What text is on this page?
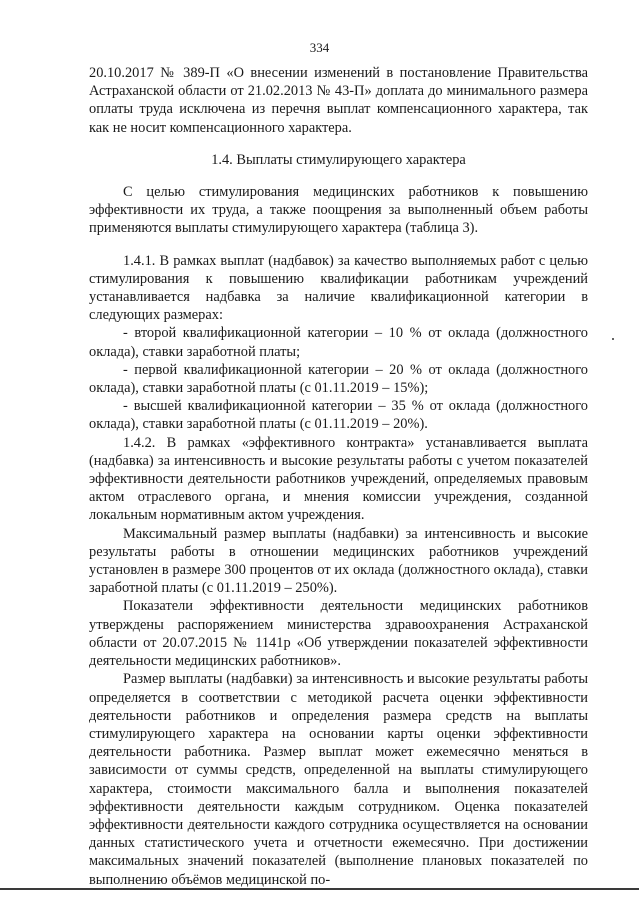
334

20.10.2017 № 389-П «О внесении изменений в постановление Правительства Астраханской области от 21.02.2013 № 43-П» доплата до минимального размера оплаты труда исключена из перечня выплат компенсационного характера, так как не носит компенсационного характера.

1.4. Выплаты стимулирующего характера

С целью стимулирования медицинских работников к повышению эффективности их труда, а также поощрения за выполненный объем работы применяются выплаты стимулирующего характера (таблица 3).

1.4.1. В рамках выплат (надбавок) за качество выполняемых работ с целью стимулирования к повышению квалификации работникам учреждений устанавливается надбавка за наличие квалификационной категории в следующих размерах:

- второй квалификационной категории – 10 % от оклада (должностного оклада), ставки заработной платы;

- первой квалификационной категории – 20 % от оклада (должностного оклада), ставки заработной платы (с 01.11.2019 – 15%);

- высшей квалификационной категории – 35 % от оклада (должностного оклада), ставки заработной платы (с 01.11.2019 – 20%).

1.4.2. В рамках «эффективного контракта» устанавливается выплата (надбавка) за интенсивность и высокие результаты работы с учетом показателей эффективности деятельности работников учреждений, определяемых правовым актом отраслевого органа, и мнения комиссии учреждения, созданной локальным нормативным актом учреждения.

Максимальный размер выплаты (надбавки) за интенсивность и высокие результаты работы в отношении медицинских работников учреждений установлен в размере 300 процентов от их оклада (должностного оклада), ставки заработной платы (с 01.11.2019 – 250%).

Показатели эффективности деятельности медицинских работников утверждены распоряжением министерства здравоохранения Астраханской области от 20.07.2015 № 1141р «Об утверждении показателей эффективности деятельности медицинских работников».

Размер выплаты (надбавки) за интенсивность и высокие результаты работы определяется в соответствии с методикой расчета оценки эффективности деятельности работников и определения размера средств на выплаты стимулирующего характера на основании карты оценки эффективности деятельности работника. Размер выплат может ежемесячно меняться в зависимости от суммы средств, определенной на выплаты стимулирующего характера, стоимости максимального балла и выполнения показателей эффективности деятельности каждым сотрудником. Оценка показателей эффективности деятельности каждого сотрудника осуществляется на основании данных статистического учета и отчетности ежемесячно. При достижении максимальных значений показателей (выполнение плановых показателей по выполнению объёмов медицинской по-
